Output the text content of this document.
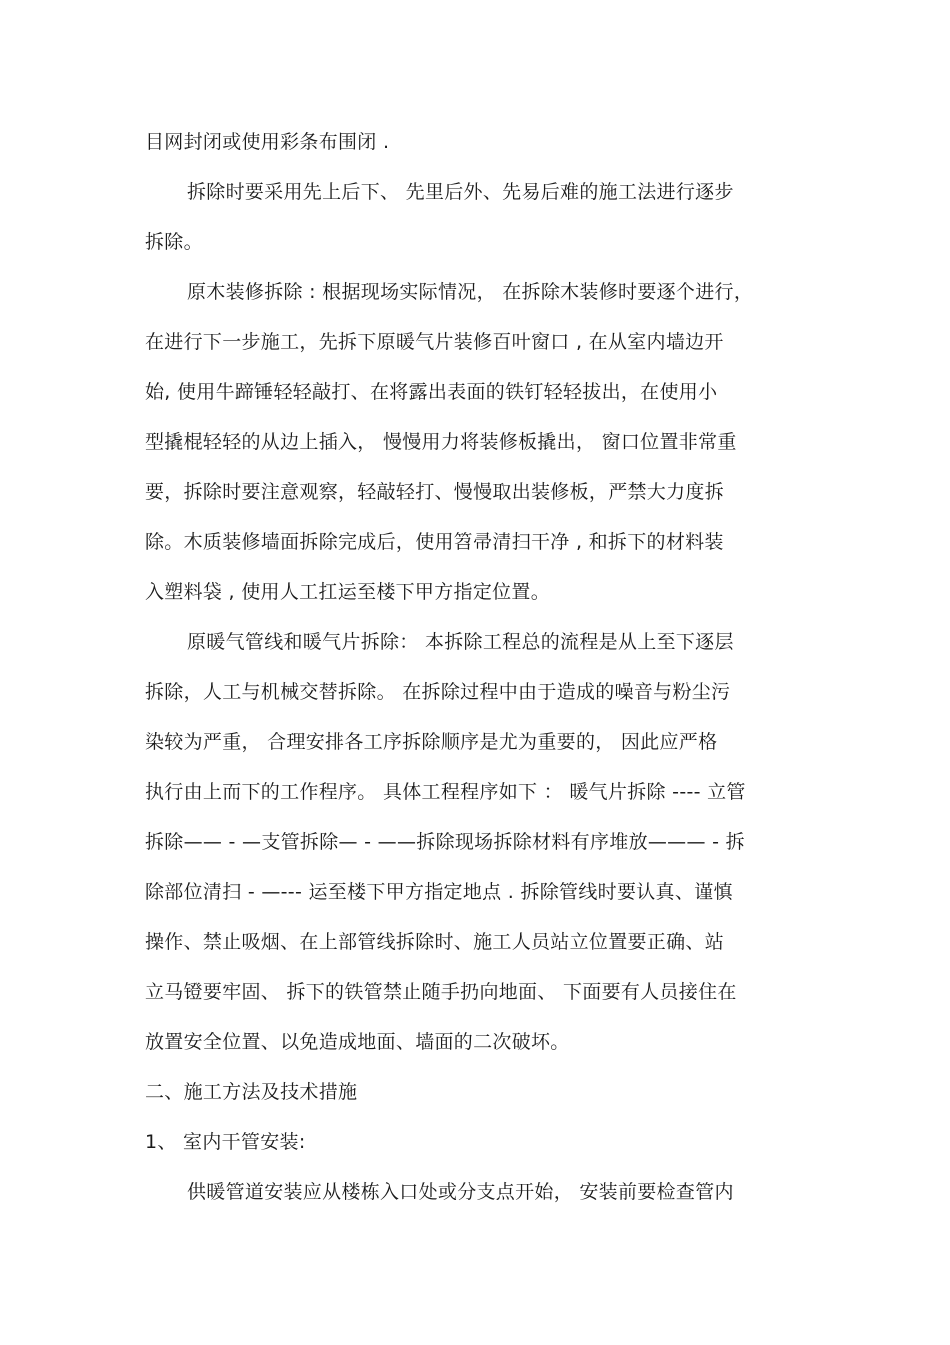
目网封闭或使用彩条布围闭 .
拆除时要采用先上后下、 先里后外、先易后难的施工法进行逐步
拆除。
原木装修拆除 : 根据现场实际情况， 在拆除木装修时要逐个进行，
在进行下一步施工，先拆下原暖气片装修百叶窗口 , 在从室内墙边开
始, 使用牛蹄锤轻轻敲打、在将露出表面的铁钉轻轻拔出，在使用小
型撬棍轻轻的从边上插入， 慢慢用力将装修板撬出， 窗口位置非常重
要，拆除时要注意观察，轻敲轻打、慢慢取出装修板，严禁大力度拆
除。木质装修墙面拆除完成后，使用笤帚清扫干净 , 和拆下的材料装
入塑料袋 , 使用人工扛运至楼下甲方指定位置。
原暖气管线和暖气片拆除： 本拆除工程总的流程是从上至下逐层
拆除，人工与机械交替拆除。 在拆除过程中由于造成的噪音与粉尘污
染较为严重， 合理安排各工序拆除顺序是尤为重要的， 因此应严格
执行由上而下的工作程序。 具体工程程序如下 ： 暖气片拆除 ---- 立管
拆除—— - —支管拆除— - ——拆除现场拆除材料有序堆放——— - 拆
除部位清扫 - —--- 运至楼下甲方指定地点 . 拆除管线时要认真、谨慎
操作、禁止吸烟、在上部管线拆除时、施工人员站立位置要正确、站
立马镫要牢固、 拆下的铁管禁止随手扔向地面、 下面要有人员接住在
放置安全位置、以免造成地面、墙面的二次破坏。
二、施工方法及技术措施
1、 室内干管安装:
供暖管道安装应从楼栋入口处或分支点开始， 安装前要检查管内
